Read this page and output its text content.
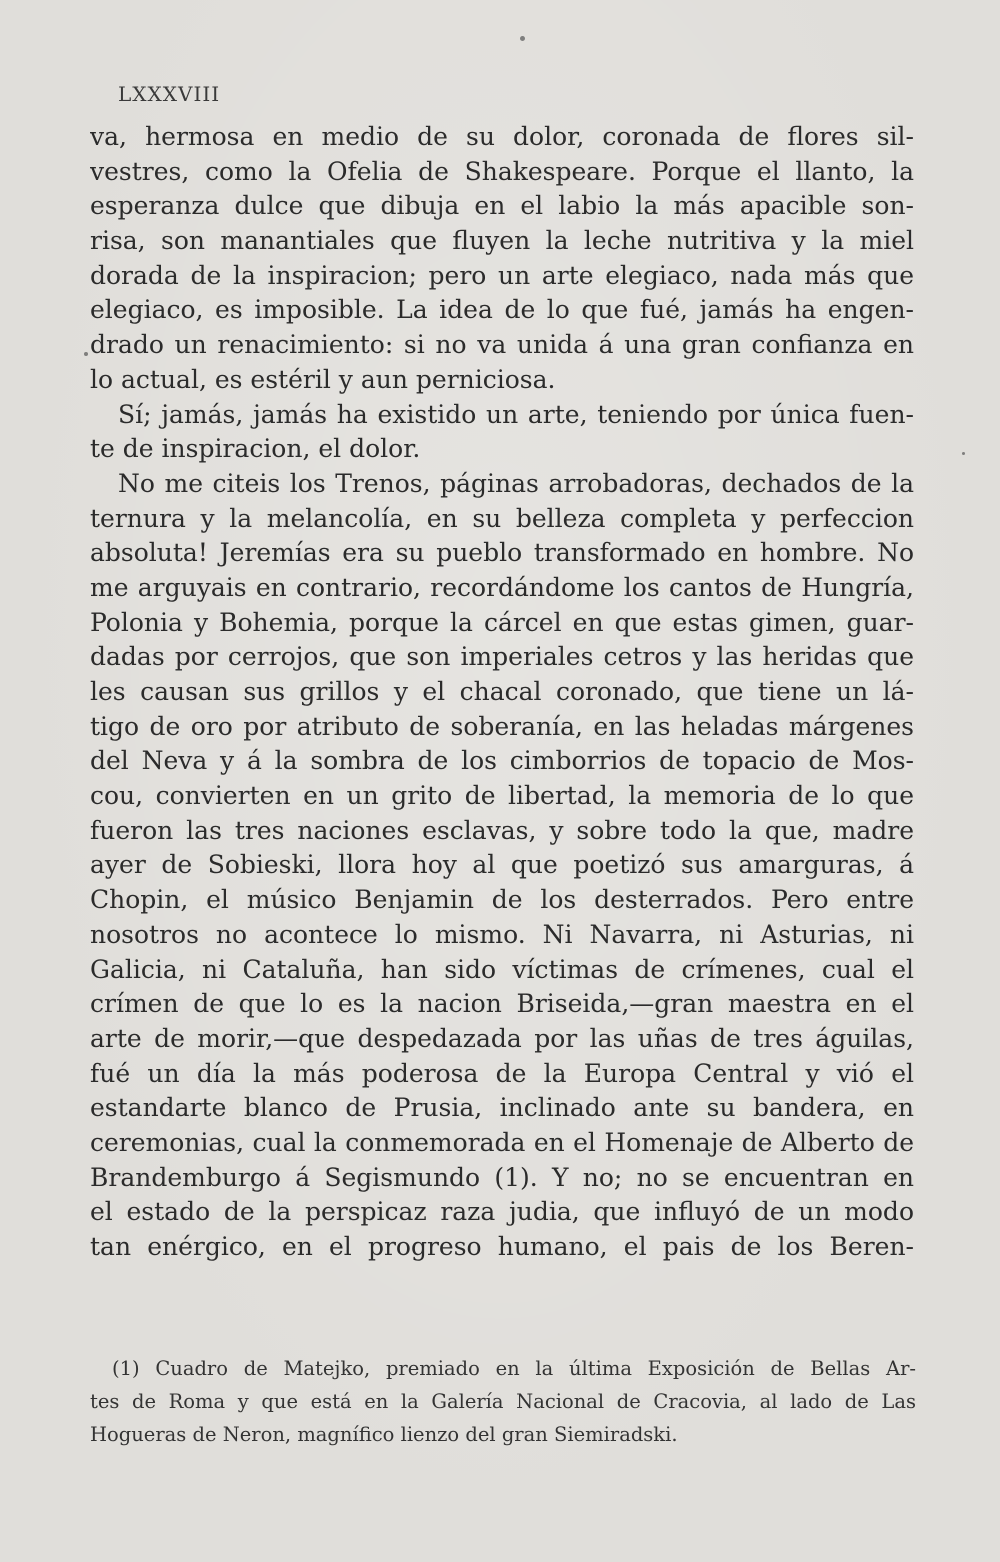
LXXXVIII
va, hermosa en medio de su dolor, coronada de flores sil-
vestres, como la Ofelia de Shakespeare. Porque el llanto, la
esperanza dulce que dibuja en el labio la más apacible son-
risa, son manantiales que fluyen la leche nutritiva y la miel
dorada de la inspiracion; pero un arte elegiaco, nada más que
elegiaco, es imposible. La idea de lo que fué, jamás ha engen-
drado un renacimiento: si no va unida á una gran confianza en
lo actual, es estéril y aun perniciosa.
Sí; jamás, jamás ha existido un arte, teniendo por única fuen-
te de inspiracion, el dolor.
No me citeis los Trenos, páginas arrobadoras, dechados de la
ternura y la melancolía, en su belleza completa y perfeccion
absoluta! Jeremías era su pueblo transformado en hombre. No
me arguyais en contrario, recordándome los cantos de Hungría,
Polonia y Bohemia, porque la cárcel en que estas gimen, guar-
dadas por cerrojos, que son imperiales cetros y las heridas que
les causan sus grillos y el chacal coronado, que tiene un lá-
tigo de oro por atributo de soberanía, en las heladas márgenes
del Neva y á la sombra de los cimborrios de topacio de Mos-
cou, convierten en un grito de libertad, la memoria de lo que
fueron las tres naciones esclavas, y sobre todo la que, madre
ayer de Sobieski, llora hoy al que poetizó sus amarguras, á
Chopin, el músico Benjamin de los desterrados. Pero entre
nosotros no acontece lo mismo. Ni Navarra, ni Asturias, ni
Galicia, ni Cataluña, han sido víctimas de crímenes, cual el
crímen de que lo es la nacion Briseida,—gran maestra en el
arte de morir,—que despedazada por las uñas de tres águilas,
fué un día la más poderosa de la Europa Central y vió el
estandarte blanco de Prusia, inclinado ante su bandera, en
ceremonias, cual la conmemorada en el Homenaje de Alberto de
Brandemburgo á Segismundo (1). Y no; no se encuentran en
el estado de la perspicaz raza judia, que influyó de un modo
tan enérgico, en el progreso humano, el pais de los Beren-
(1) Cuadro de Matejko, premiado en la última Exposición de Bellas Ar-
tes de Roma y que está en la Galería Nacional de Cracovia, al lado de Las
Hogueras de Neron, magnífico lienzo del gran Siemiradski.
